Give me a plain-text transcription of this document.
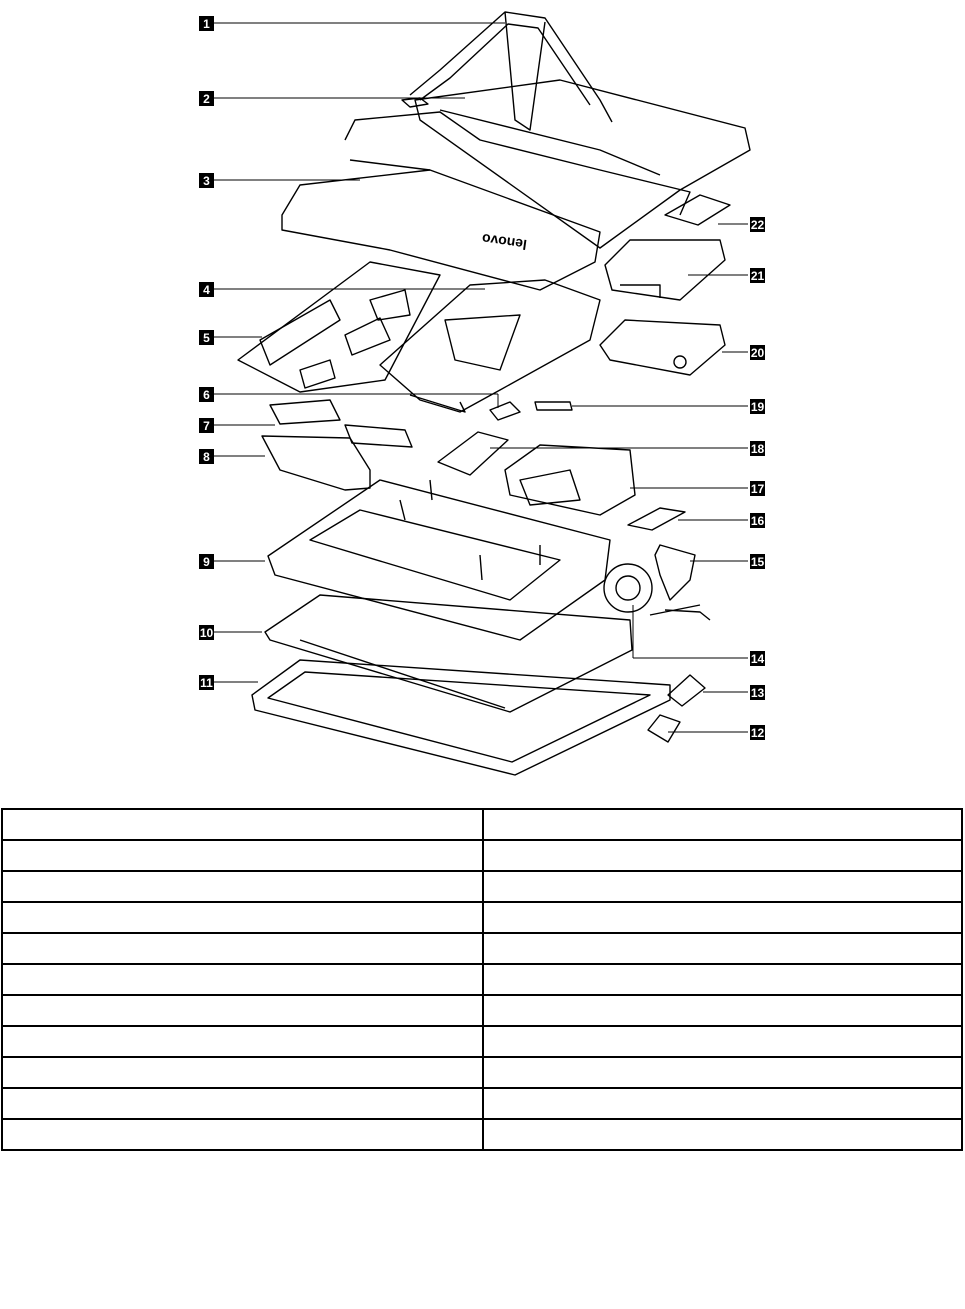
lenovo
1
2
3
4
5
6
7
8
9
10
11
12
13
14
15
16
17
18
19
20
21
22
